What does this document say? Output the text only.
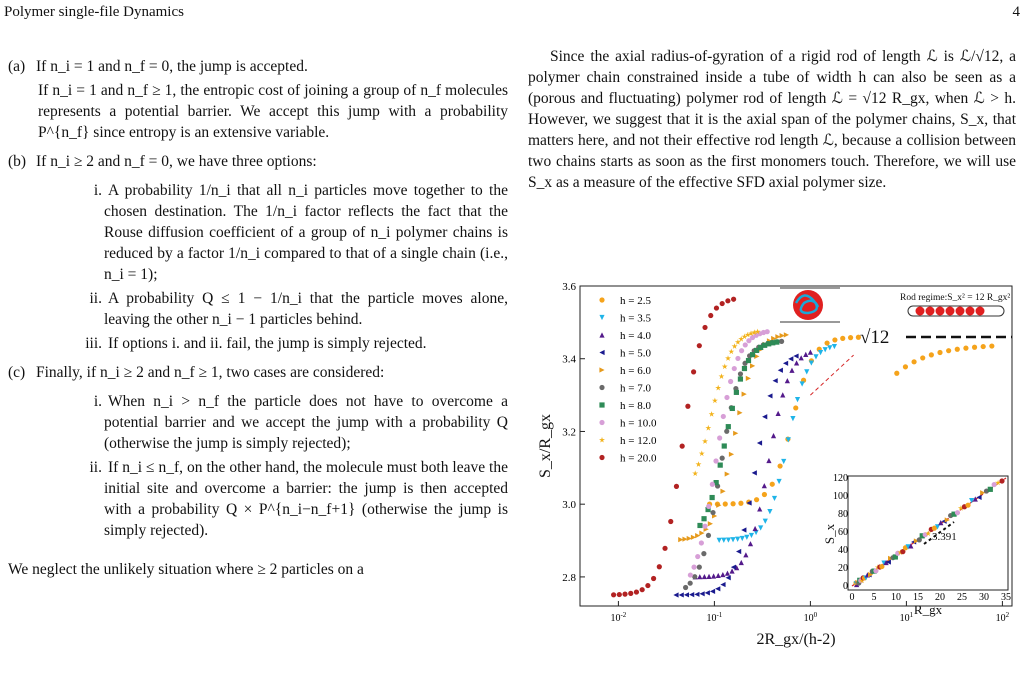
Polymer single-file Dynamics	4
(a) If n_i = 1 and n_f = 0, the jump is accepted.
If n_i = 1 and n_f ≥ 1, the entropic cost of joining a group of n_f molecules represents a potential barrier. We accept this jump with a probability P^{n_f} since entropy is an extensive variable.
(b) If n_i ≥ 2 and n_f = 0, we have three options:
i. A probability 1/n_i that all n_i particles move together to the chosen destination. The 1/n_i factor reflects the fact that the Rouse diffusion coefficient of a group of n_i polymer chains is reduced by a factor 1/n_i compared to that of a single chain (i.e., n_i = 1);
ii. A probability Q ≤ 1 − 1/n_i that the particle moves alone, leaving the other n_i − 1 particles behind.
iii. If options i. and ii. fail, the jump is simply rejected.
(c) Finally, if n_i ≥ 2 and n_f ≥ 1, two cases are considered:
i. When n_i > n_f the particle does not have to overcome a potential barrier and we accept the jump with a probability Q (otherwise the jump is simply rejected);
ii. If n_i ≤ n_f, on the other hand, the molecule must both leave the initial site and overcome a barrier: the jump is then accepted with a probability Q × P^{n_i−n_f+1} (otherwise the jump is simply rejected).
We neglect the unlikely situation where ≥ 2 particles on a
Since the axial radius-of-gyration of a rigid rod of length ℒ is ℒ/√12, a polymer chain constrained inside a tube of width h can also be seen as a (porous and fluctuating) polymer rod of length ℒ = √12 R_gx, when ℒ > h. However, we suggest that it is the axial span of the polymer chains, S_x, that matters here, and not their effective rod length ℒ, because a collision between two chains starts as soon as the first monomers touch. Therefore, we will use S_x as a measure of the effective SFD axial polymer size.
2.8
3.0
3.2
3.4
3.6
$10^{-2}$	$10^{-1}$	$10^0$	$10^1$	$10^2$
h = 2.5
h = 3.5
h = 4.0
h = 5.0
h = 6.0
h = 7.0
h = 8.0
h = 10.0
h = 12.0
h = 20.0
Rod regime:S_x² = 12 R_gx²
√12
2R_gx/(h-2)
S_x/R_gx
0 5 10 15 20 25 30 35
0
20
40
60
80
100
120
3.391
R_gx
S_x
